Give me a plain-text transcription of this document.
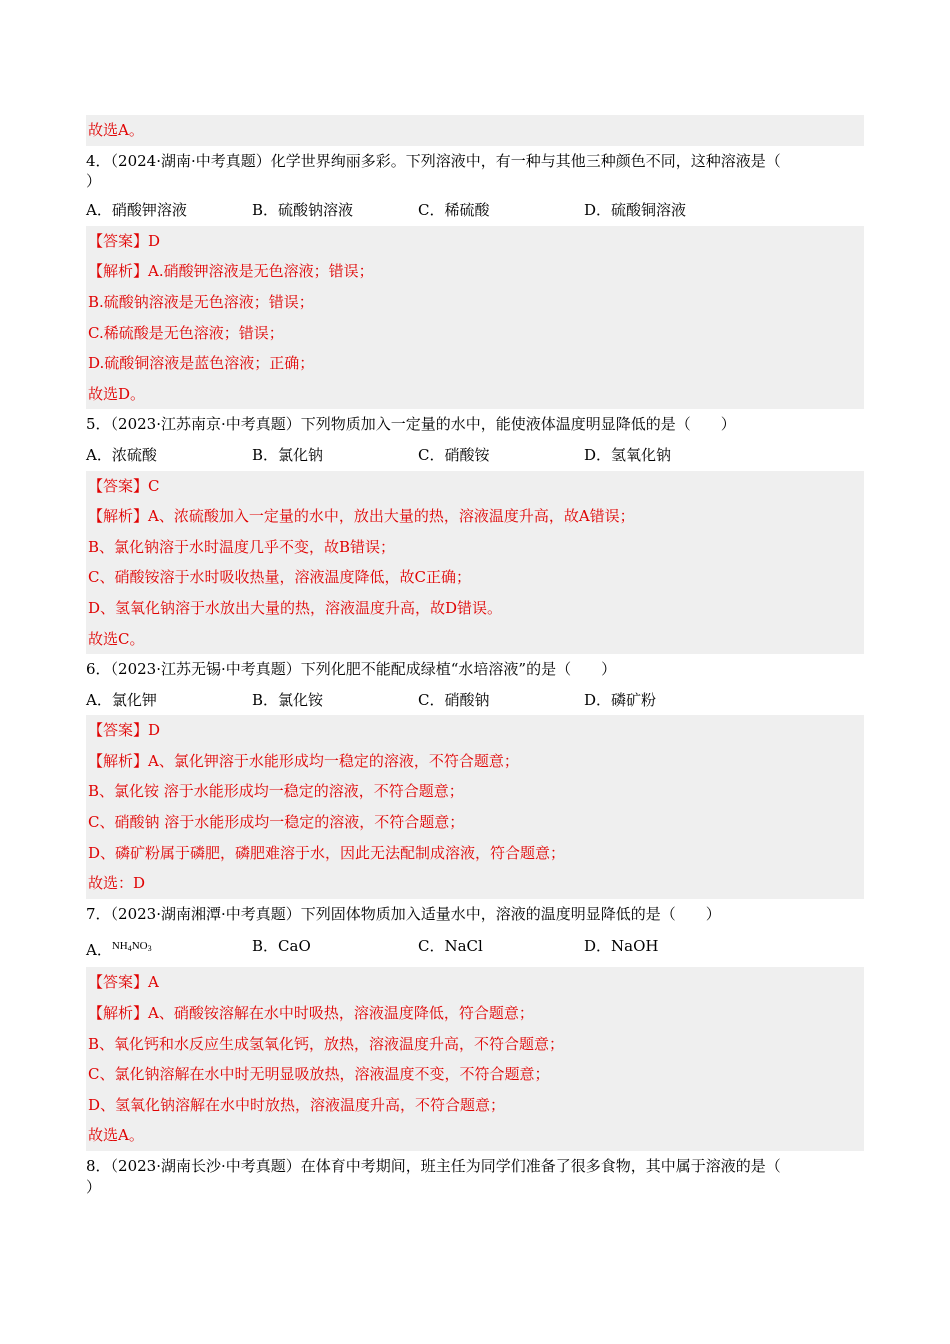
故选A。
4．（2024·湖南·中考真题）化学世界绚丽多彩。下列溶液中，有一种与其他三种颜色不同，这种溶液是（
）
A．硝酸钾溶液	B．硫酸钠溶液	C．稀硫酸	D．硫酸铜溶液
【答案】D
【解析】A.硝酸钾溶液是无色溶液；错误；
B.硫酸钠溶液是无色溶液；错误；
C.稀硫酸是无色溶液；错误；
D.硫酸铜溶液是蓝色溶液；正确；
故选D。
5．（2023·江苏南京·中考真题）下列物质加入一定量的水中，能使液体温度明显降低的是（　　）
A．浓硫酸	B．氯化钠	C．硝酸铵	D．氢氧化钠
【答案】C
【解析】A、浓硫酸加入一定量的水中，放出大量的热，溶液温度升高，故A错误；
B、氯化钠溶于水时温度几乎不变，故B错误；
C、硝酸铵溶于水时吸收热量，溶液温度降低，故C正确；
D、氢氧化钠溶于水放出大量的热，溶液温度升高，故D错误。
故选C。
6．（2023·江苏无锡·中考真题）下列化肥不能配成绿植“水培溶液”的是（　　）
A．氯化钾	B．氯化铵	C．硝酸钠	D．磷矿粉
【答案】D
【解析】A、氯化钾溶于水能形成均一稳定的溶液，不符合题意；
B、氯化铵 溶于水能形成均一稳定的溶液，不符合题意；
C、硝酸钠 溶于水能形成均一稳定的溶液，不符合题意；
D、磷矿粉属于磷肥，磷肥难溶于水，因此无法配制成溶液，符合题意；
故选：D
7．（2023·湖南湘潭·中考真题）下列固体物质加入适量水中，溶液的温度明显降低的是（　　）
A．$^{NH_4NO_3}$	B．CaO	C．NaCl	D．NaOH
【答案】A
【解析】A、硝酸铵溶解在水中时吸热，溶液温度降低，符合题意；
B、氧化钙和水反应生成氢氧化钙，放热，溶液温度升高，不符合题意；
C、氯化钠溶解在水中时无明显吸放热，溶液温度不变，不符合题意；
D、氢氧化钠溶解在水中时放热，溶液温度升高，不符合题意；
故选A。
8．（2023·湖南长沙·中考真题）在体育中考期间，班主任为同学们准备了很多食物，其中属于溶液的是（
）
